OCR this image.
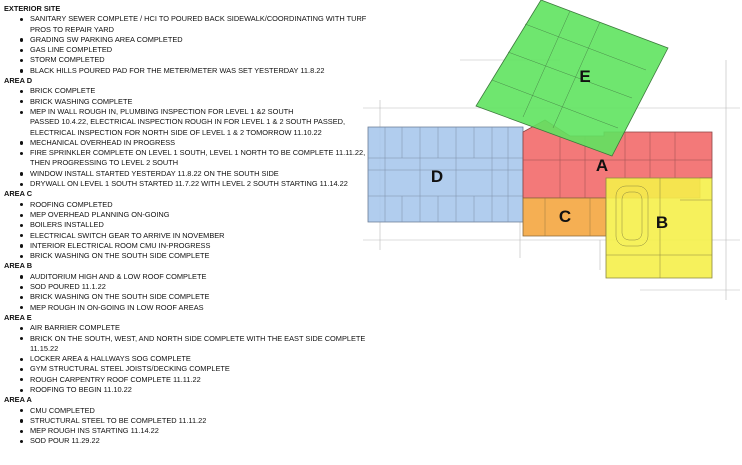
EXTERIOR SITE
SANITARY SEWER COMPLETE / HCI TO POURED BACK SIDEWALK/COORDINATING WITH TURF
PROS TO REPAIR YARD
GRADING SW PARKING AREA COMPLETED
GAS LINE COMPLETED
STORM COMPLETED
BLACK HILLS POURED PAD FOR THE METER/METER WAS SET YESTERDAY 11.8.22
AREA D
BRICK COMPLETE
BRICK WASHING COMPLETE
MEP IN WALL ROUGH IN, PLUMBING INSPECTION FOR LEVEL 1 &2 SOUTH
PASSED 10.4.22, ELECTRICAL INSPECTION ROUGH IN FOR LEVEL 1 & 2 SOUTH PASSED,
ELECTRICAL INSPECTION FOR NORTH SIDE OF LEVEL 1 & 2 TOMORROW 11.10.22
MECHANICAL OVERHEAD IN PROGRESS
FIRE SPRINKLER COMPLETE ON LEVEL 1 SOUTH, LEVEL 1 NORTH TO BE COMPLETE 11.11.22,
THEN PROGRESSING TO LEVEL 2 SOUTH
WINDOW INSTALL STARTED YESTERDAY 11.8.22 ON THE SOUTH SIDE
DRYWALL ON LEVEL 1 SOUTH STARTED 11.7.22 WITH LEVEL 2 SOUTH STARTING 11.14.22
AREA C
ROOFING COMPLETED
MEP OVERHEAD PLANNING ON-GOING
BOILERS INSTALLED
ELECTRICAL SWITCH GEAR TO ARRIVE IN NOVEMBER
INTERIOR ELECTRICAL ROOM CMU IN-PROGRESS
BRICK WASHING ON THE SOUTH SIDE COMPLETE
AREA B
AUDITORIUM HIGH AND & LOW ROOF COMPLETE
SOD POURED 11.1.22
BRICK WASHING ON THE SOUTH SIDE COMPLETE
MEP ROUGH IN ON-GOING IN LOW ROOF AREAS
AREA E
AIR BARRIER COMPLETE
BRICK ON THE SOUTH, WEST, AND NORTH SIDE COMPLETE WITH THE EAST SIDE COMPLETE
11.15.22
LOCKER AREA & HALLWAYS SOG COMPLETE
GYM STRUCTURAL STEEL JOISTS/DECKING COMPLETE
ROUGH CARPENTRY ROOF COMPLETE 11.11.22
ROOFING TO BEGIN 11.10.22
AREA A
CMU COMPLETED
STRUCTURAL STEEL TO BE COMPLETED 11.11.22
MEP ROUGH INS STARTING 11.14.22
SOD POUR 11.29.22
E
A
D
C	B
